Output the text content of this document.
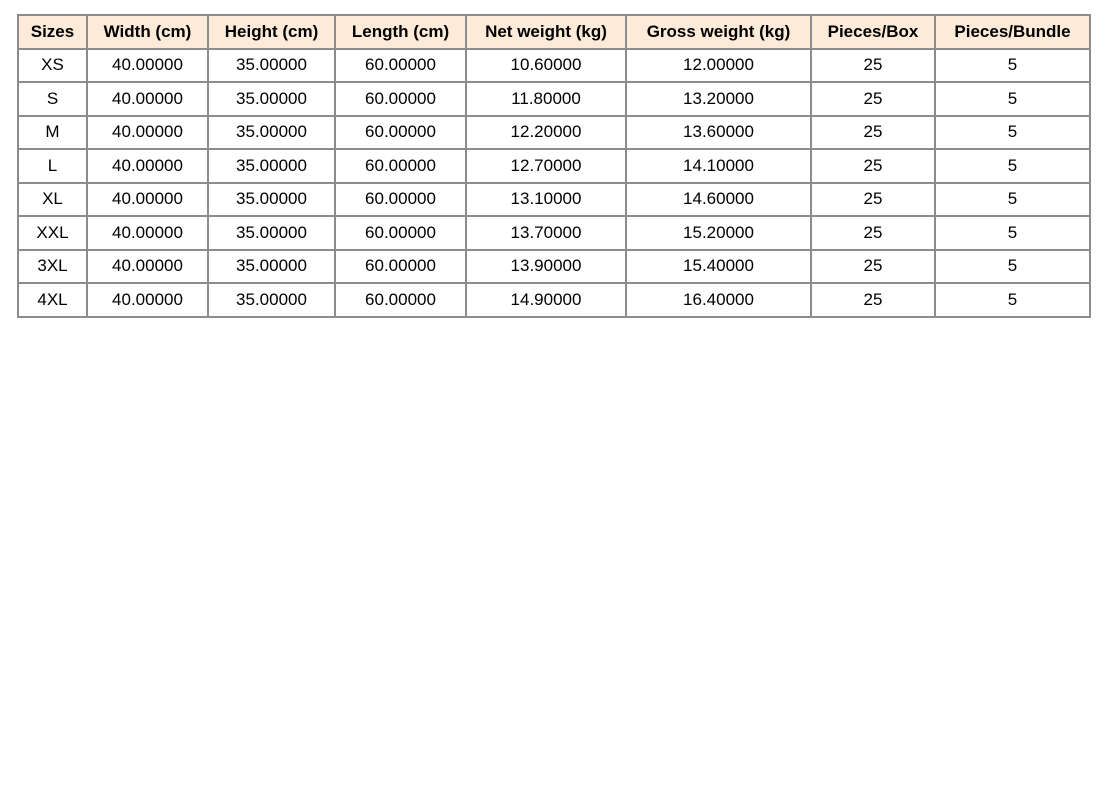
Sizes	Width (cm)	Height (cm)	Length (cm)	Net weight (kg)	Gross weight (kg)	Pieces/Box	Pieces/Bundle
XS	40.00000	35.00000	60.00000	10.60000	12.00000	25	5
S	40.00000	35.00000	60.00000	11.80000	13.20000	25	5
M	40.00000	35.00000	60.00000	12.20000	13.60000	25	5
L	40.00000	35.00000	60.00000	12.70000	14.10000	25	5
XL	40.00000	35.00000	60.00000	13.10000	14.60000	25	5
XXL	40.00000	35.00000	60.00000	13.70000	15.20000	25	5
3XL	40.00000	35.00000	60.00000	13.90000	15.40000	25	5
4XL	40.00000	35.00000	60.00000	14.90000	16.40000	25	5
